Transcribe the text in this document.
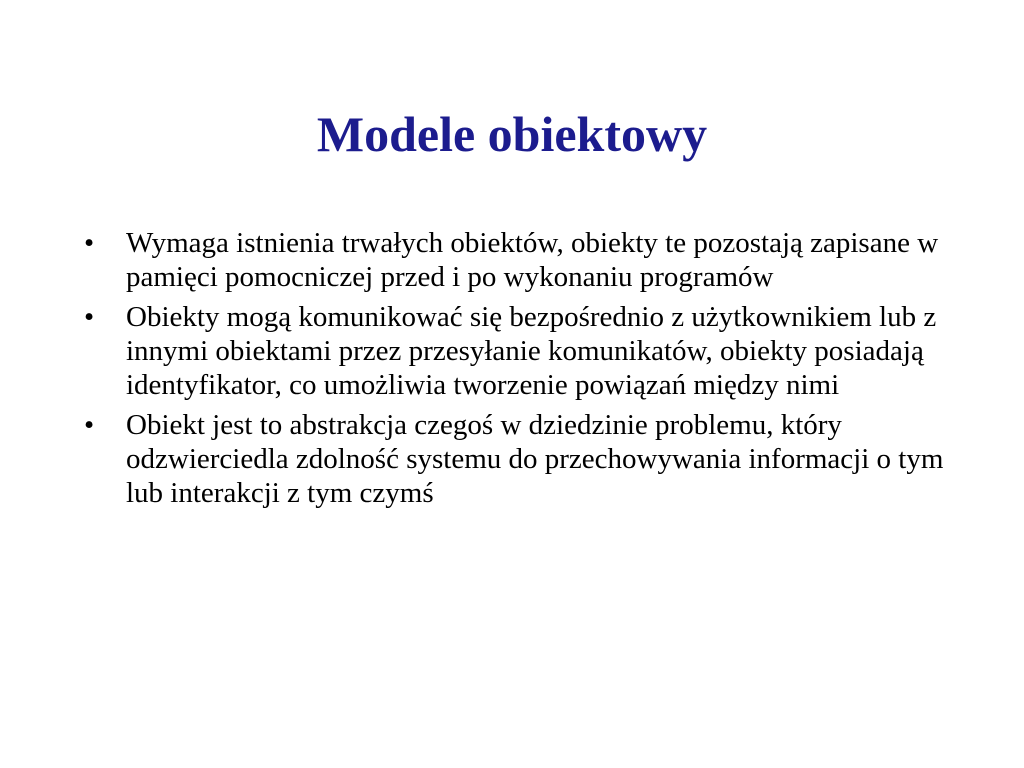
Modele obiektowy
•	Wymaga istnienia trwałych obiektów, obiekty te pozostają zapisane w pamięci pomocniczej przed i po wykonaniu programów
•	Obiekty mogą komunikować się bezpośrednio z użytkownikiem lub z innymi obiektami przez przesyłanie komunikatów, obiekty posiadają identyfikator, co umożliwia tworzenie powiązań między nimi
•	Obiekt jest to abstrakcja czegoś w dziedzinie problemu, który odzwierciedla zdolność systemu do przechowywania informacji o tym lub interakcji z tym czymś
